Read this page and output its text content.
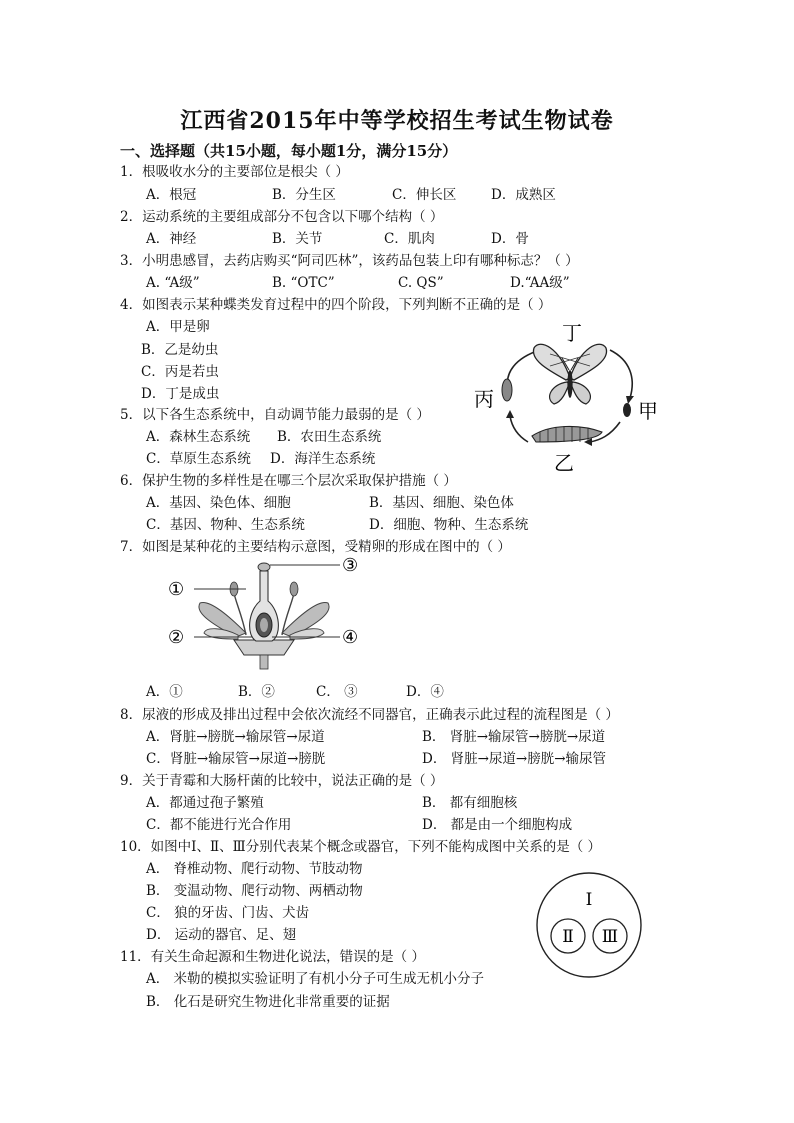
江西省2015年中等学校招生考试生物试卷
一、选择题（共15小题，每小题1分，满分15分）
1．根吸收水分的主要部位是根尖（ ）
A．根冠	B．分生区	C．伸长区	D．成熟区
2．运动系统的主要组成部分不包含以下哪个结构（ ）
A．神经	B．关节	C．肌肉	D．骨
3．小明患感冒，去药店购买“阿司匹林”，该药品包装上印有哪种标志？（ ）
A. “A级”	B. “OTC”	C. QS”	D.“AA级”
4．如图表示某种蝶类发育过程中的四个阶段，下列判断不正确的是（ ）
A．甲是卵
B．乙是幼虫
C．丙是若虫
D．丁是成虫
丁
丙	甲
乙
5．以下各生态系统中，自动调节能力最弱的是（ ）
A．森林生态系统 B．农田生态系统
C．草原生态系统 D．海洋生态系统
6．保护生物的多样性是在哪三个层次采取保护措施（ ）
A．基因、染色体、细胞	B．基因、细胞、染色体
C．基因、物种、生态系统	D．细胞、物种、生态系统
7．如图是某种花的主要结构示意图，受精卵的形成在图中的（ ）
①
②
③
④
A．①	B．②	C． ③	D．④
8．尿液的形成及排出过程中会依次流经不同器官，正确表示此过程的流程图是（ ）
A．肾脏→膀胱→输尿管→尿道	B． 肾脏→输尿管→膀胱→尿道
C．肾脏→输尿管→尿道→膀胱	D． 肾脏→尿道→膀胱→输尿管
9．关于青霉和大肠杆菌的比较中，说法正确的是（ ）
A．都通过孢子繁殖	B． 都有细胞核
C．都不能进行光合作用	D． 都是由一个细胞构成
10．如图中Ⅰ、Ⅱ、Ⅲ分别代表某个概念或器官，下列不能构成图中关系的是（ ）
A． 脊椎动物、爬行动物、节肢动物
B． 变温动物、爬行动物、两栖动物
C． 狼的牙齿、门齿、犬齿
D． 运动的器官、足、翅
Ⅰ
Ⅱ Ⅲ
11．有关生命起源和生物进化说法，错误的是（ ）
A． 米勒的模拟实验证明了有机小分子可生成无机小分子
B． 化石是研究生物进化非常重要的证据
